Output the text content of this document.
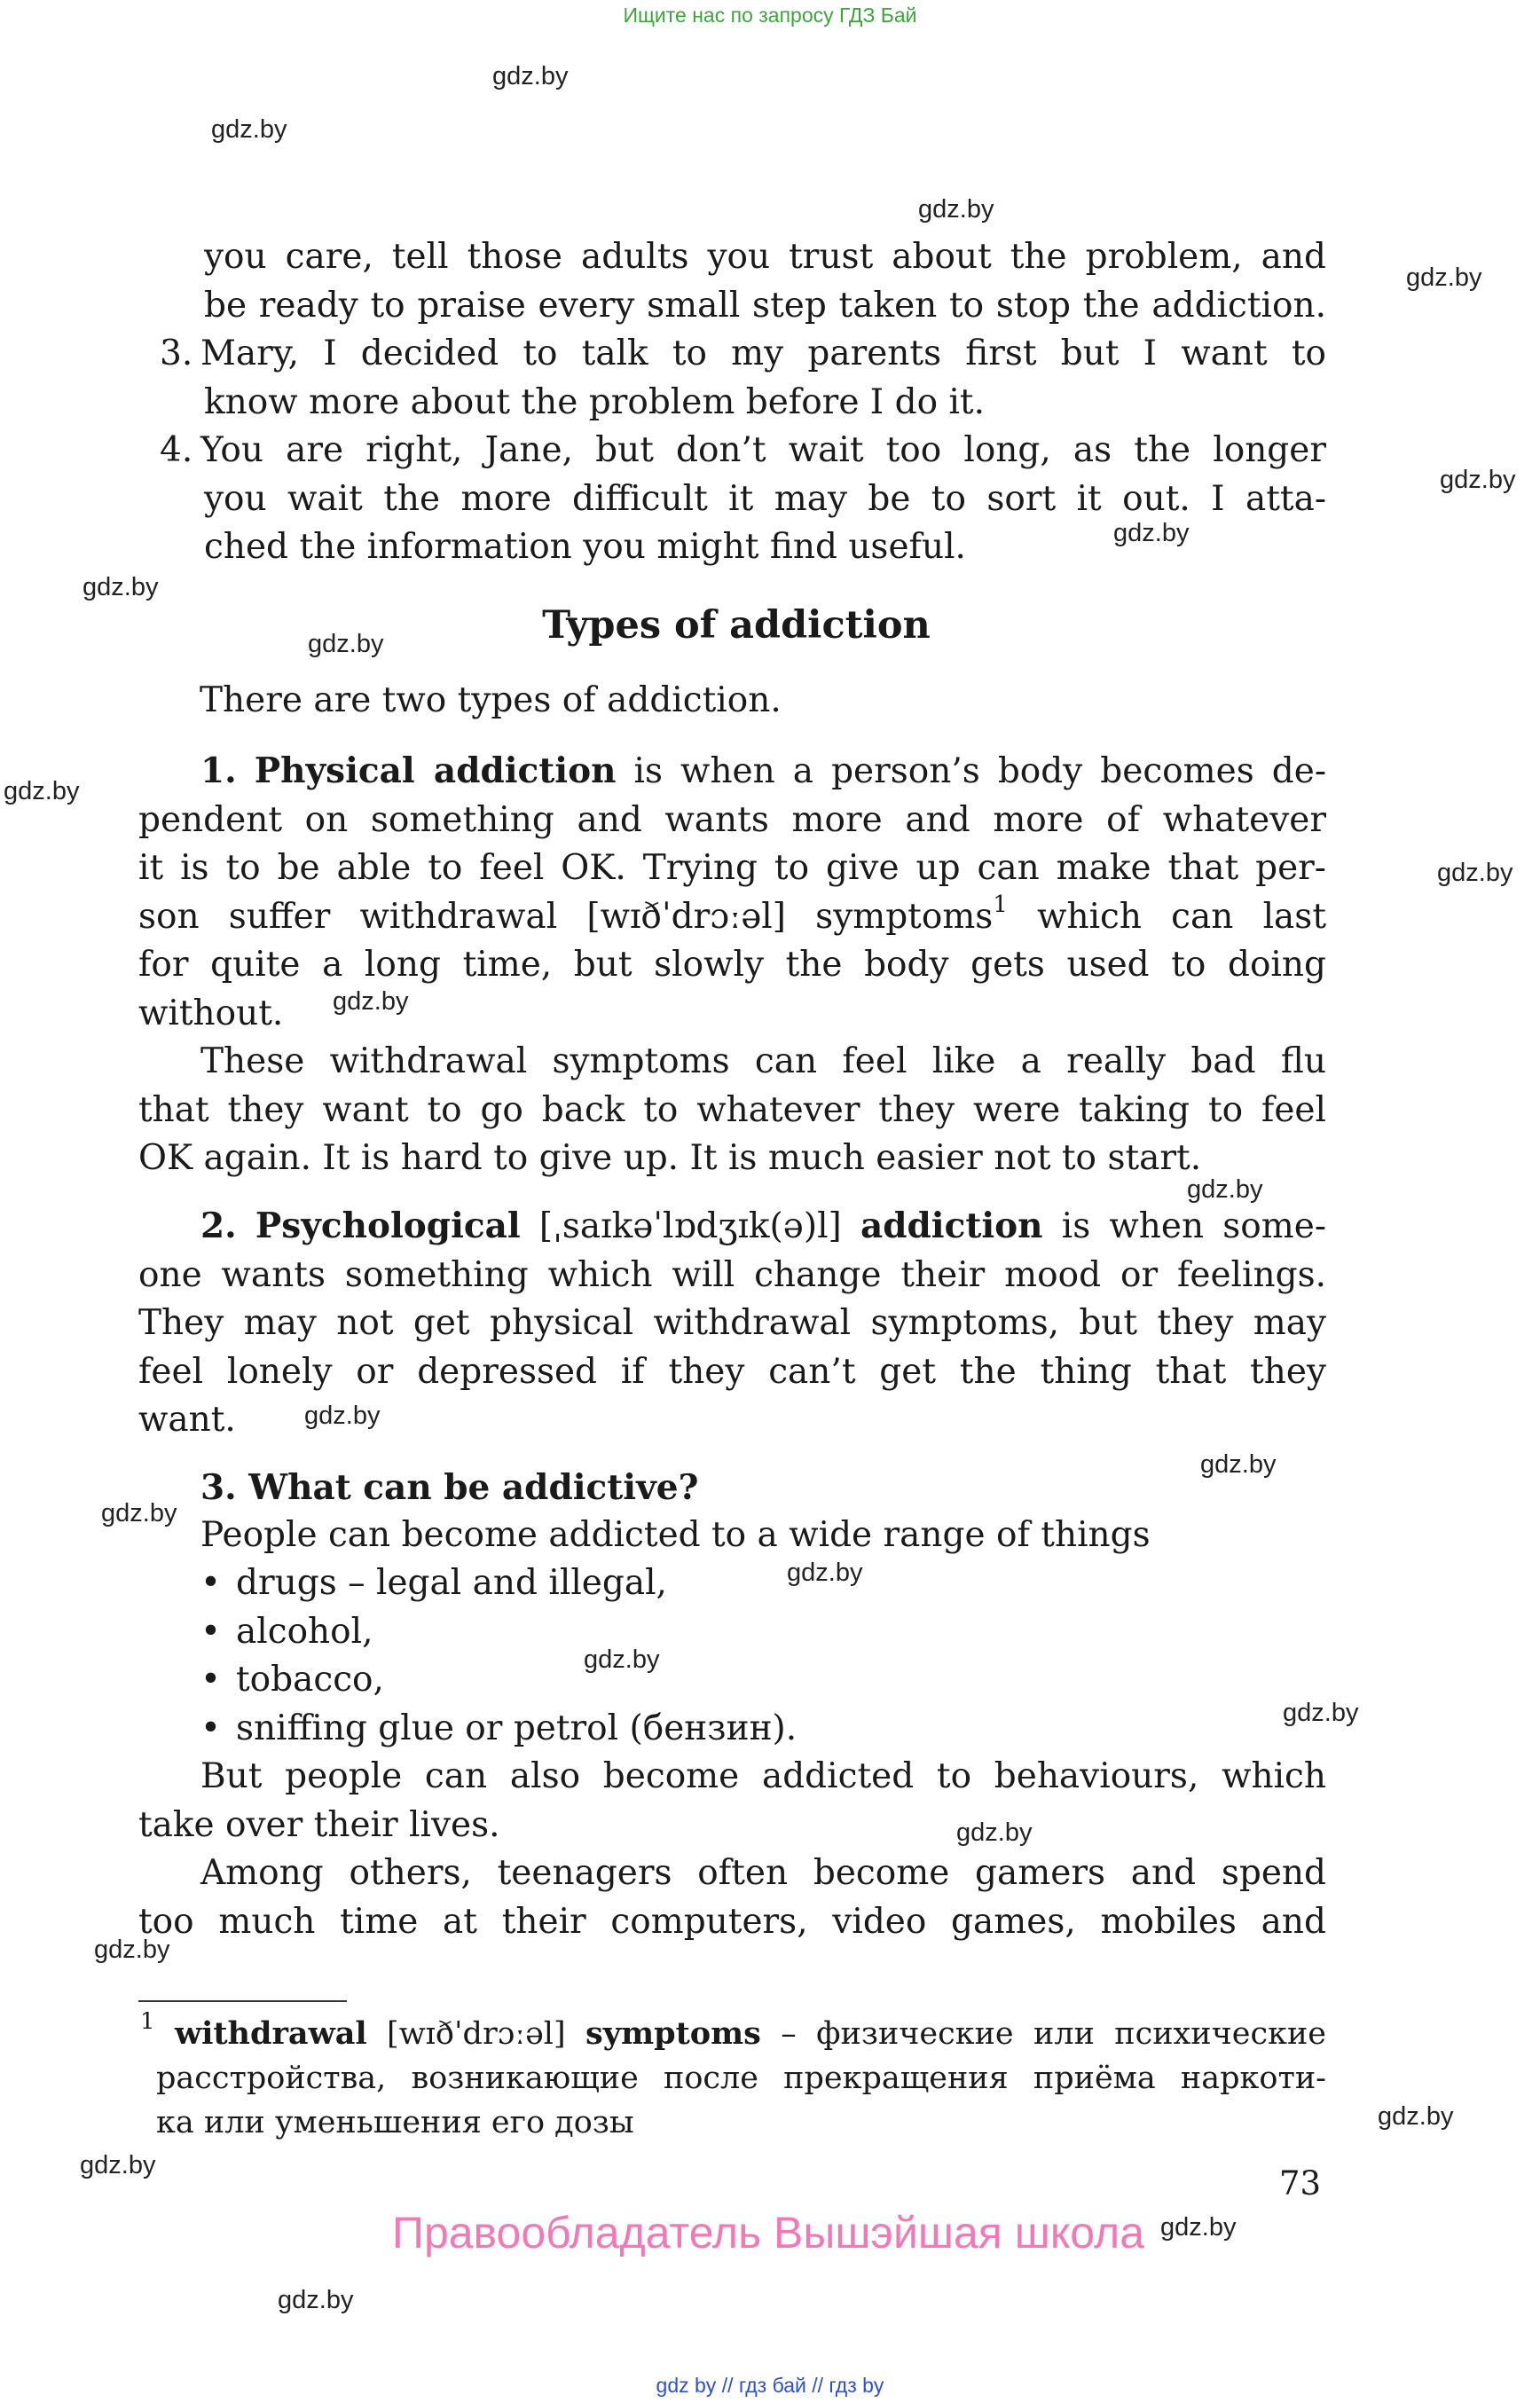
Ищите нас по запросу ГДЗ Бай
gdz.by
gdz.by
gdz.by
gdz.by
gdz.by
gdz.by
gdz.by
gdz.by
gdz.by
gdz.by
gdz.by
gdz.by
gdz.by
gdz.by
gdz.by
gdz.by
gdz.by
gdz.by
gdz.by
gdz.by
gdz.by
gdz.by
gdz.by
gdz.by
you care, tell those adults you trust about the problem, and
be ready to praise every small step taken to stop the addiction.
3. Mary, I decided to talk to my parents first but I want to
know more about the problem before I do it.
4. You are right, Jane, but don’t wait too long, as the longer
you wait the more difficult it may be to sort it out. I atta-
ched the information you might find useful.
Types of addiction
There are two types of addiction.
1. Physical addiction is when a person’s body becomes de-
pendent on something and wants more and more of whatever
it is to be able to feel OK. Trying to give up can make that per-
son suffer withdrawal [wɪðˈdrɔːəl] symptoms$^1$ which can last
for quite a long time, but slowly the body gets used to doing
without.
These withdrawal symptoms can feel like a really bad flu
that they want to go back to whatever they were taking to feel
OK again. It is hard to give up. It is much easier not to start.
2. Psychological [ˌsaɪkəˈlɒdʒɪk(ə)l] addiction is when some-
one wants something which will change their mood or feelings.
They may not get physical withdrawal symptoms, but they may
feel lonely or depressed if they can’t get the thing that they
want.
3. What can be addictive?
People can become addicted to a wide range of things
• drugs – legal and illegal,
• alcohol,
• tobacco,
• sniffing glue or petrol (бензин).
But people can also become addicted to behaviours, which
take over their lives.
Among others, teenagers often become gamers and spend
too much time at their computers, video games, mobiles and
$^1$ withdrawal [wɪðˈdrɔːəl] symptoms – физические или психические
расстройства, возникающие после прекращения приёма наркоти-
ка или уменьшения его дозы
73
Правообладатель Вышэйшая школа
gdz by // гдз бай // гдз by
